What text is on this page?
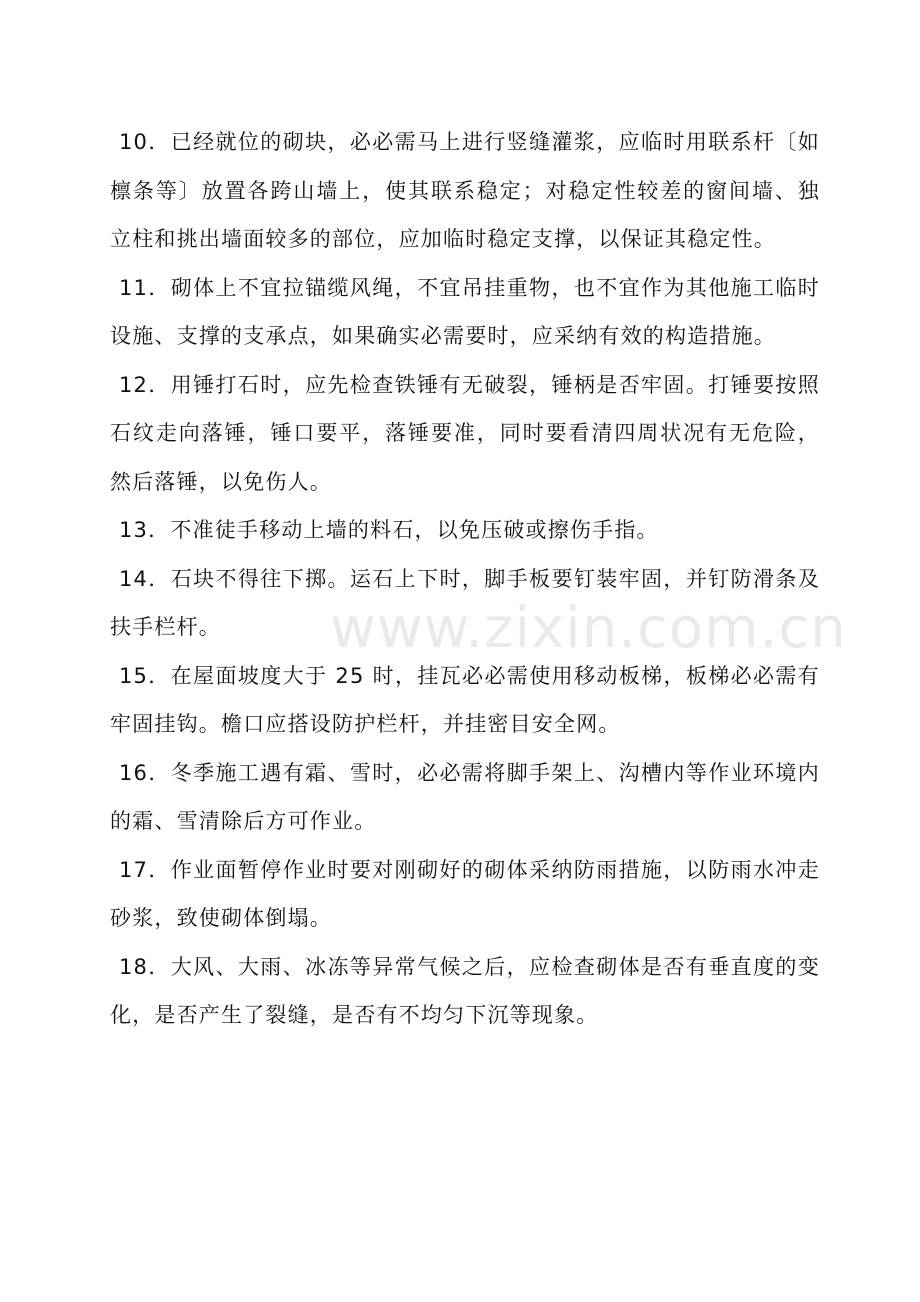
10．已经就位的砌块，必必需马上进行竖缝灌浆，应临时用联系杆〔如檩条等〕放置各跨山墙上，使其联系稳定；对稳定性较差的窗间墙、独立柱和挑出墙面较多的部位，应加临时稳定支撑，以保证其稳定性。

11．砌体上不宜拉锚缆风绳，不宜吊挂重物，也不宜作为其他施工临时设施、支撑的支承点，如果确实必需要时，应采纳有效的构造措施。

12．用锤打石时，应先检查铁锤有无破裂，锤柄是否牢固。打锤要按照石纹走向落锤，锤口要平，落锤要准，同时要看清四周状况有无危险，然后落锤，以免伤人。

13．不准徒手移动上墙的料石，以免压破或擦伤手指。

14．石块不得往下掷。运石上下时，脚手板要钉装牢固，并钉防滑条及扶手栏杆。

15．在屋面坡度大于 25 时，挂瓦必必需使用移动板梯，板梯必必需有牢固挂钩。檐口应搭设防护栏杆，并挂密目安全网。

16．冬季施工遇有霜、雪时，必必需将脚手架上、沟槽内等作业环境内的霜、雪清除后方可作业。

17．作业面暂停作业时要对刚砌好的砌体采纳防雨措施，以防雨水冲走砂浆，致使砌体倒塌。

18．大风、大雨、冰冻等异常气候之后，应检查砌体是否有垂直度的变化，是否产生了裂缝，是否有不均匀下沉等现象。

www.zixin.com.cn
